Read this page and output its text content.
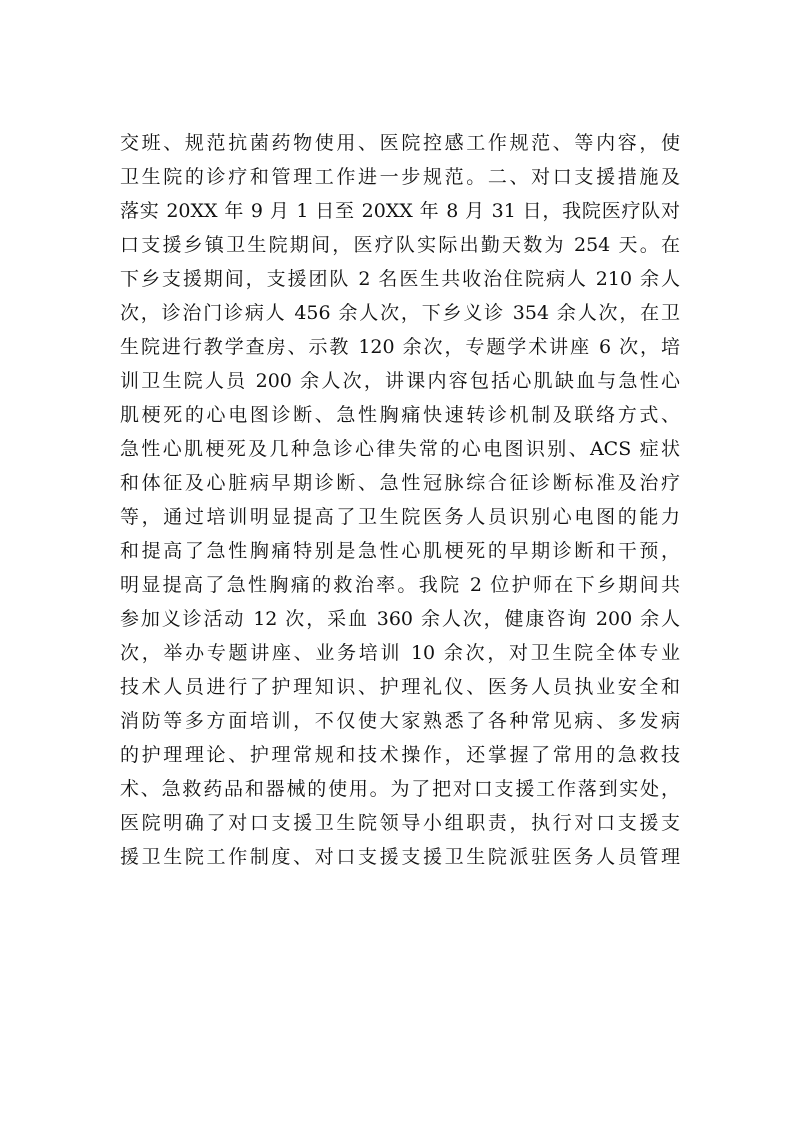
交班、规范抗菌药物使用、医院控感工作规范、等内容，使
卫生院的诊疗和管理工作进一步规范。二、对口支援措施及
落实 20XX 年 9 月 1 日至 20XX 年 8 月 31 日，我院医疗队对
口支援乡镇卫生院期间，医疗队实际出勤天数为 254 天。在
下乡支援期间，支援团队 2 名医生共收治住院病人 210 余人
次，诊治门诊病人 456 余人次，下乡义诊 354 余人次，在卫
生院进行教学查房、示教 120 余次，专题学术讲座 6 次，培
训卫生院人员 200 余人次，讲课内容包括心肌缺血与急性心
肌梗死的心电图诊断、急性胸痛快速转诊机制及联络方式、
急性心肌梗死及几种急诊心律失常的心电图识别、ACS 症状
和体征及心脏病早期诊断、急性冠脉综合征诊断标准及治疗
等，通过培训明显提高了卫生院医务人员识别心电图的能力
和提高了急性胸痛特别是急性心肌梗死的早期诊断和干预，
明显提高了急性胸痛的救治率。我院 2 位护师在下乡期间共
参加义诊活动 12 次，采血 360 余人次，健康咨询 200 余人
次，举办专题讲座、业务培训 10 余次，对卫生院全体专业
技术人员进行了护理知识、护理礼仪、医务人员执业安全和
消防等多方面培训，不仅使大家熟悉了各种常见病、多发病
的护理理论、护理常规和技术操作，还掌握了常用的急救技
术、急救药品和器械的使用。为了把对口支援工作落到实处，
医院明确了对口支援卫生院领导小组职责，执行对口支援支
援卫生院工作制度、对口支援支援卫生院派驻医务人员管理
